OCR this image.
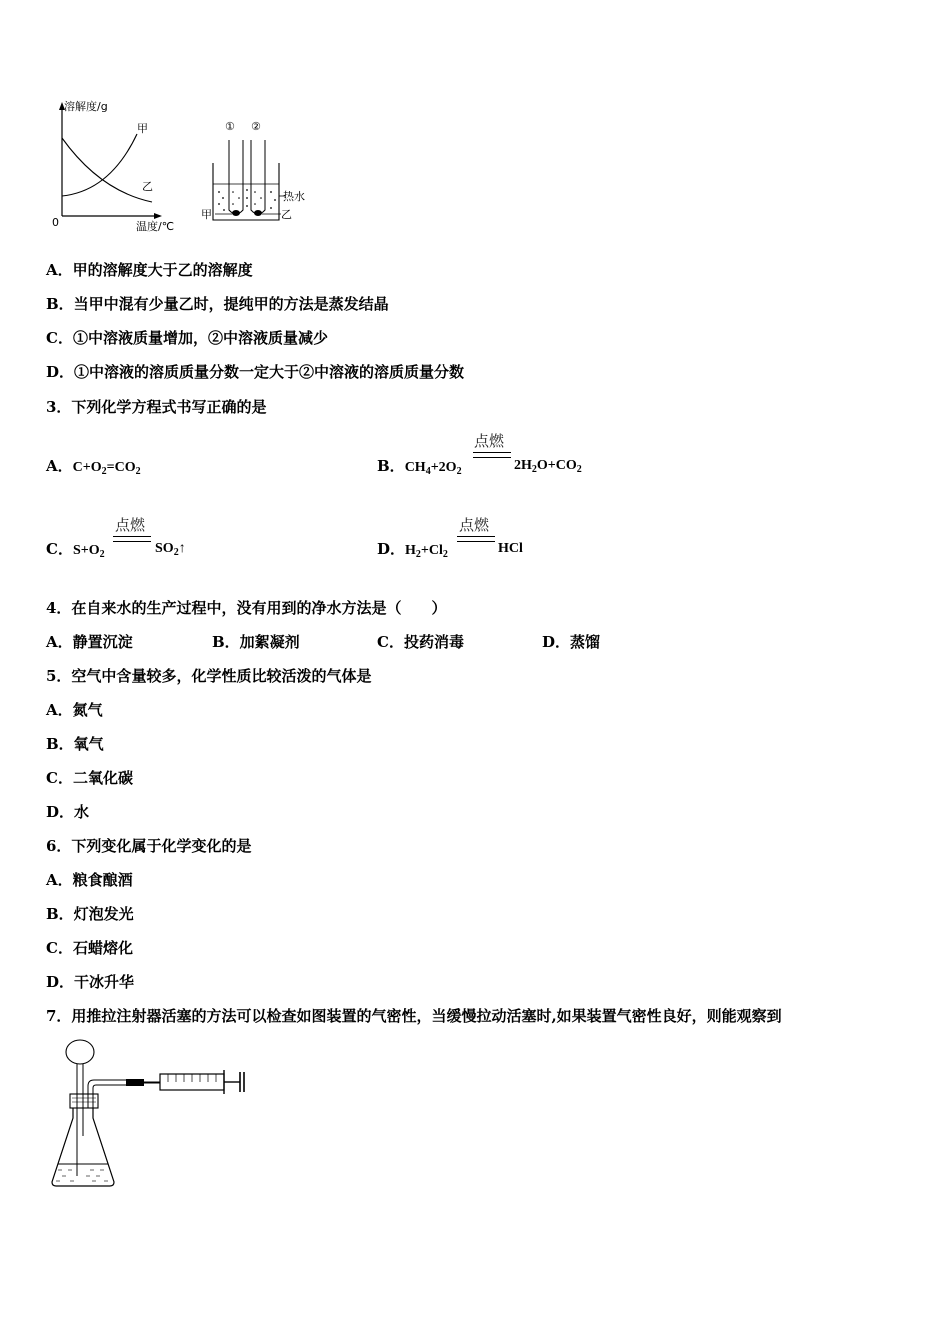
溶解度/g
0	温度/℃
甲
乙
① ②
热水
甲	乙
A．甲的溶解度大于乙的溶解度
B．当甲中混有少量乙时，提纯甲的方法是蒸发结晶
C．①中溶液质量增加，②中溶液质量减少
D．①中溶液的溶质质量分数一定大于②中溶液的溶质质量分数
3．下列化学方程式书写正确的是
A．$C+O_2=CO_2$	B．$CH_4+2O_2$
点燃
$2H_2O+CO_2$
C．$S+O_2$
点燃
$SO_2↑$	D．$H_2+Cl_2$
点燃
HCl
4．在自来水的生产过程中，没有用到的净水方法是（　　）
A．静置沉淀	B．加絮凝剂	C．投药消毒	D．蒸馏
5．空气中含量较多，化学性质比较活泼的气体是
A．氮气
B．氧气
C．二氧化碳
D．水
6．下列变化属于化学变化的是
A．粮食酿酒
B．灯泡发光
C．石蜡熔化
D．干冰升华
7．用推拉注射器活塞的方法可以检查如图装置的气密性，当缓慢拉动活塞时,如果装置气密性良好，则能观察到
